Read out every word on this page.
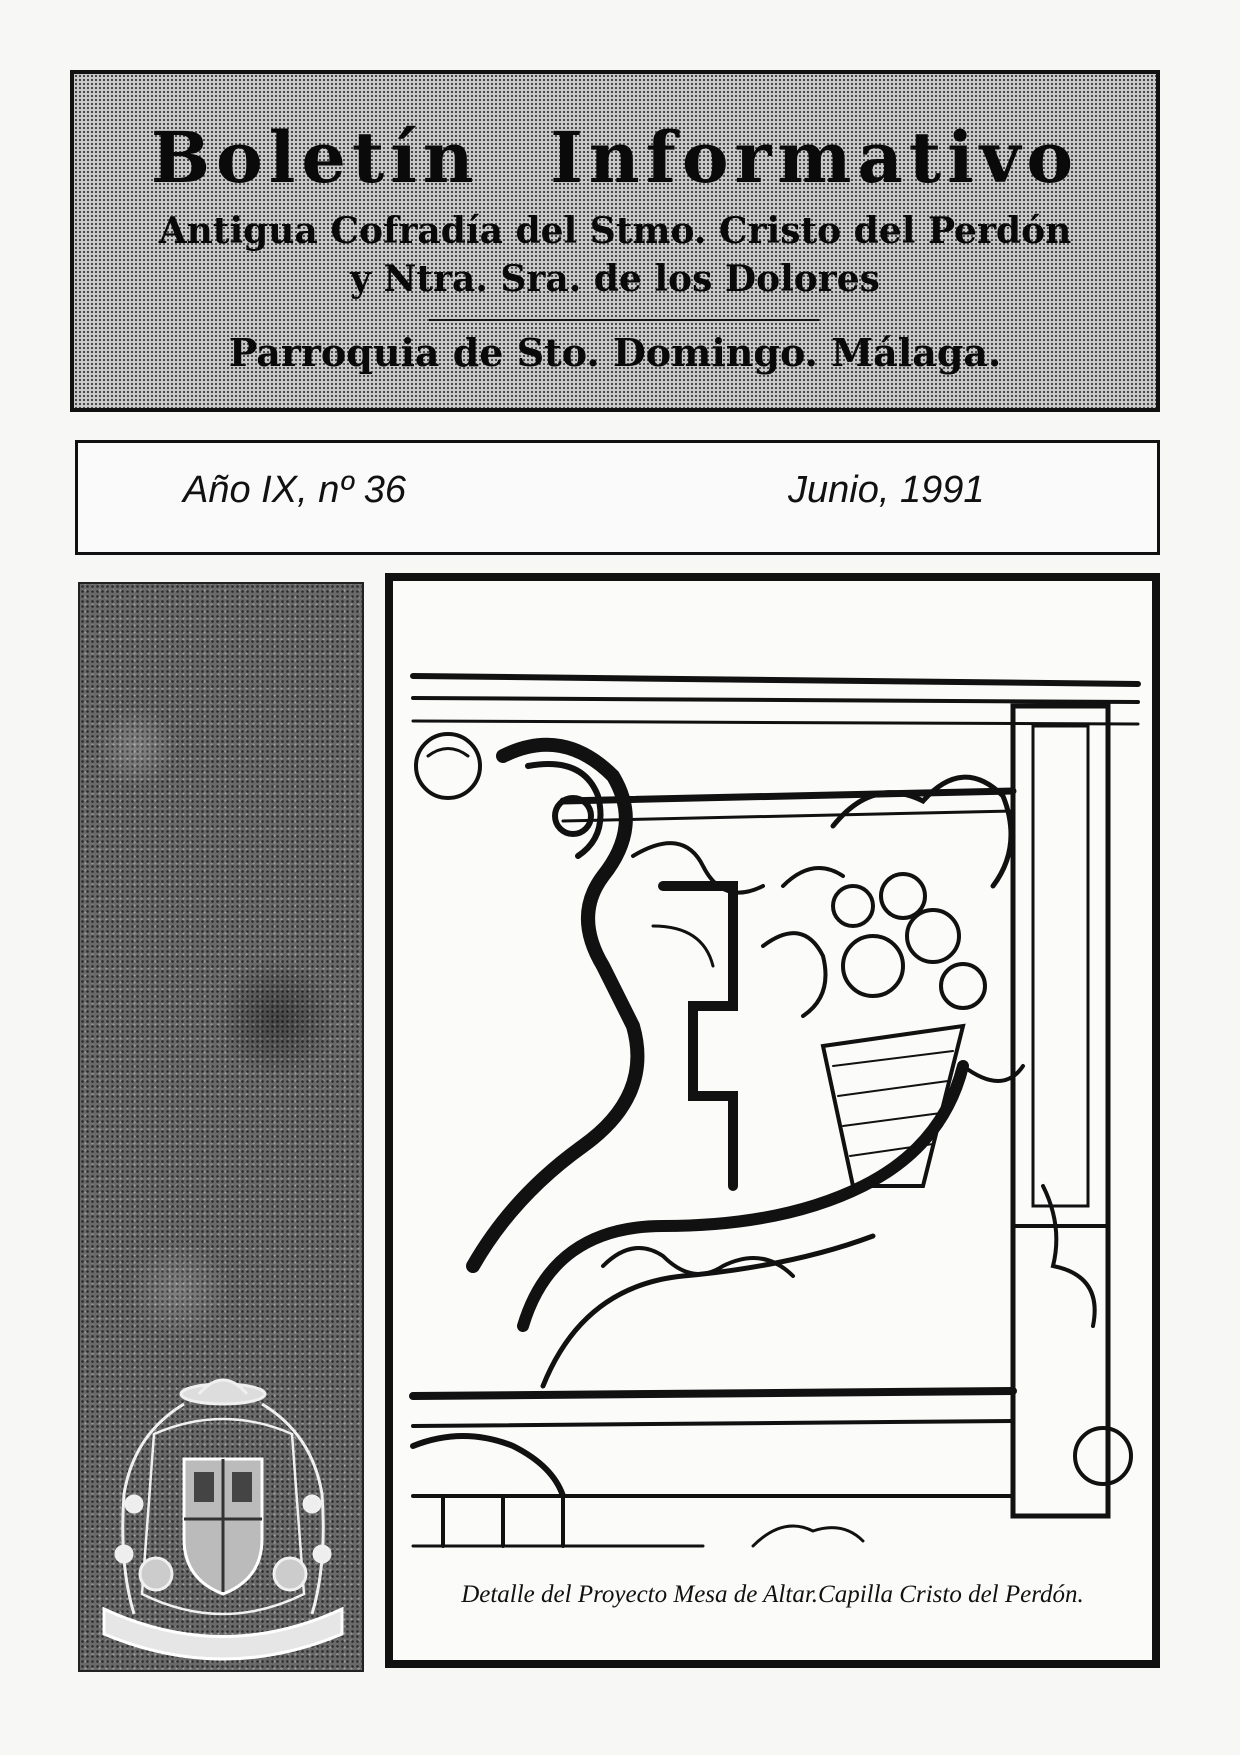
Boletín Informativo
Antigua Cofradía del Stmo. Cristo del Perdón
y Ntra. Sra. de los Dolores
Parroquia de Sto. Domingo. Málaga.
Año IX, nº 36	Junio, 1991
Detalle del Proyecto Mesa de Altar.Capilla Cristo del Perdón.
